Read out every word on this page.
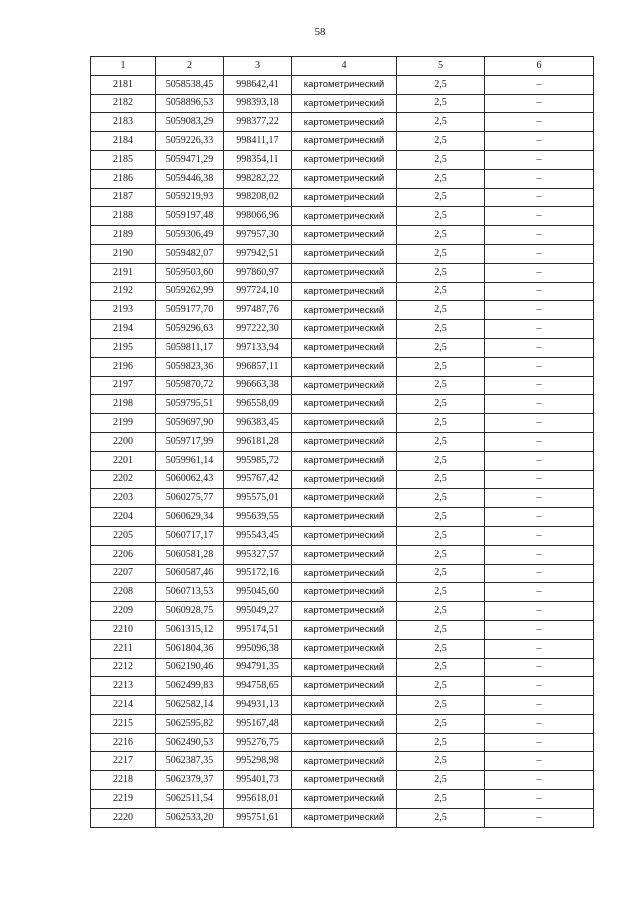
58
1	2	3	4	5	6
2181	5058538,45	998642,41	картометрический	2,5	–
2182	5058896,53	998393,18	картометрический	2,5	–
2183	5059083,29	998377,22	картометрический	2,5	–
2184	5059226,33	998411,17	картометрический	2,5	–
2185	5059471,29	998354,11	картометрический	2,5	–
2186	5059446,38	998282,22	картометрический	2,5	–
2187	5059219,93	998208,02	картометрический	2,5	–
2188	5059197,48	998066,96	картометрический	2,5	–
2189	5059306,49	997957,30	картометрический	2,5	–
2190	5059482,07	997942,51	картометрический	2,5	–
2191	5059503,60	997860,97	картометрический	2,5	–
2192	5059262,99	997724,10	картометрический	2,5	–
2193	5059177,70	997487,76	картометрический	2,5	–
2194	5059296,63	997222,30	картометрический	2,5	–
2195	5059811,17	997133,94	картометрический	2,5	–
2196	5059823,36	996857,11	картометрический	2,5	–
2197	5059870,72	996663,38	картометрический	2,5	–
2198	5059795,51	996558,09	картометрический	2,5	–
2199	5059697,90	996383,45	картометрический	2,5	–
2200	5059717,99	996181,28	картометрический	2,5	–
2201	5059961,14	995985,72	картометрический	2,5	–
2202	5060062,43	995767,42	картометрический	2,5	–
2203	5060275,77	995575,01	картометрический	2,5	–
2204	5060629,34	995639,55	картометрический	2,5	–
2205	5060717,17	995543,45	картометрический	2,5	–
2206	5060581,28	995327,57	картометрический	2,5	–
2207	5060587,46	995172,16	картометрический	2,5	–
2208	5060713,53	995045,60	картометрический	2,5	–
2209	5060928,75	995049,27	картометрический	2,5	–
2210	5061315,12	995174,51	картометрический	2,5	–
2211	5061804,36	995096,38	картометрический	2,5	–
2212	5062190,46	994791,35	картометрический	2,5	–
2213	5062499,83	994758,65	картометрический	2,5	–
2214	5062582,14	994931,13	картометрический	2,5	–
2215	5062595,82	995167,48	картометрический	2,5	–
2216	5062490,53	995276,75	картометрический	2,5	–
2217	5062387,35	995298,98	картометрический	2,5	–
2218	5062379,37	995401,73	картометрический	2,5	–
2219	5062511,54	995618,01	картометрический	2,5	–
2220	5062533,20	995751,61	картометрический	2,5	–
